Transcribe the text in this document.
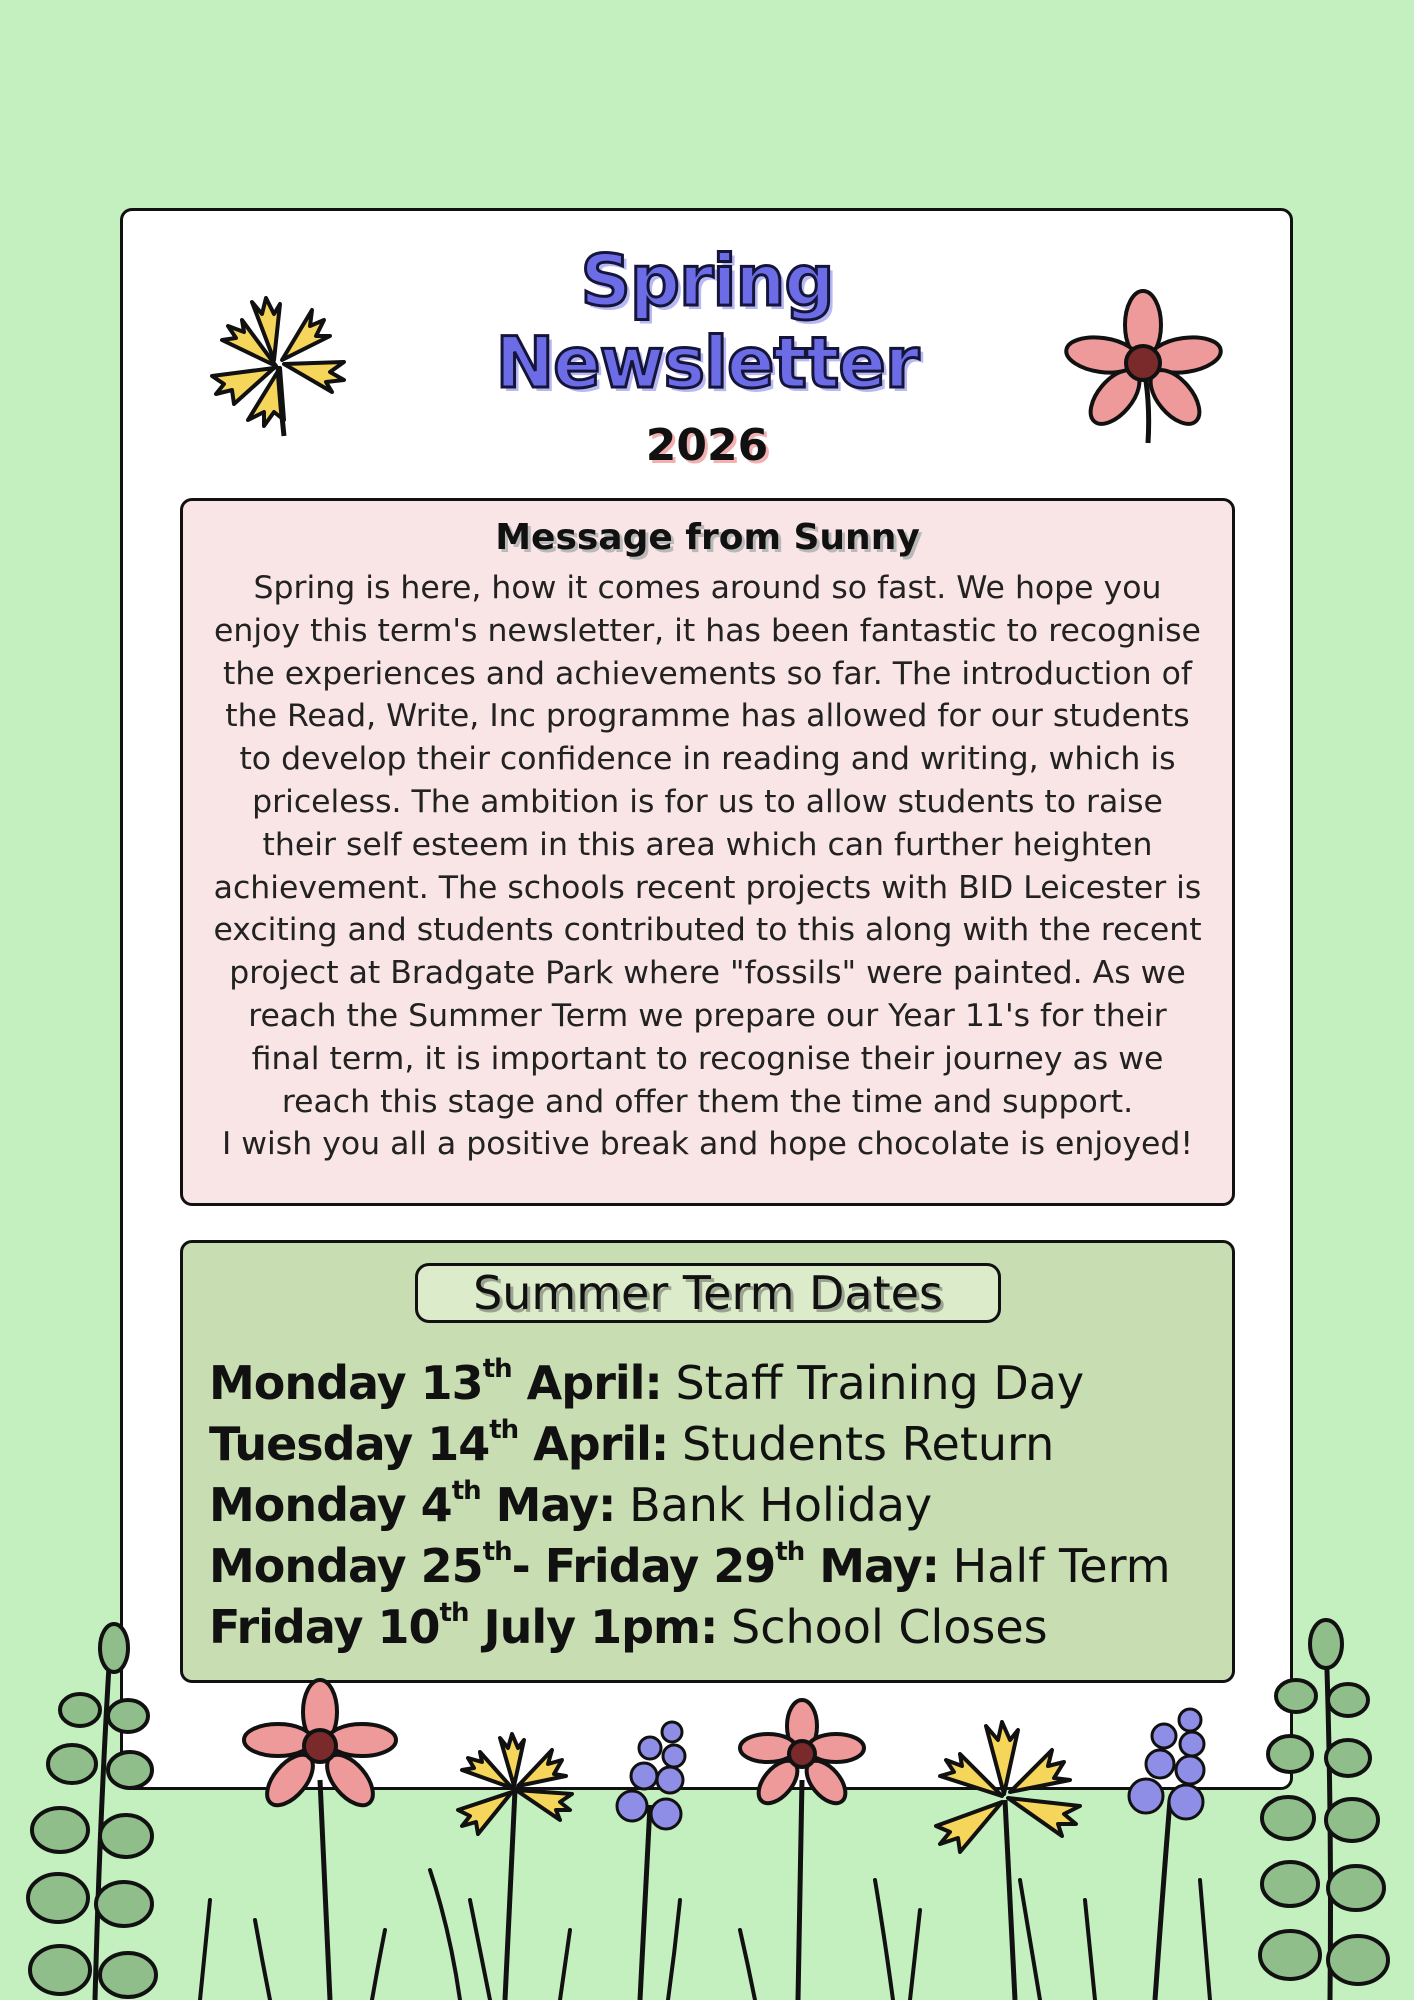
Spring
Newsletter
2026
Message from Sunny
Spring is here, how it comes around so fast. We hope you enjoy this term's newsletter, it has been fantastic to recognise the experiences and achievements so far. The introduction of the Read, Write, Inc programme has allowed for our students to develop their confidence in reading and writing, which is priceless. The ambition is for us to allow students to raise their self esteem in this area which can further heighten achievement. The schools recent projects with BID Leicester is exciting and students contributed to this along with the recent project at Bradgate Park where "fossils" were painted. As we reach the Summer Term we prepare our Year 11's for their final term, it is important to recognise their journey as we reach this stage and offer them the time and support.
I wish you all a positive break and hope chocolate is enjoyed!
Summer Term Dates
Monday 13th April: Staff Training Day
Tuesday 14th April: Students Return
Monday 4th May: Bank Holiday
Monday 25th- Friday 29th May: Half Term
Friday 10th July 1pm: School Closes
